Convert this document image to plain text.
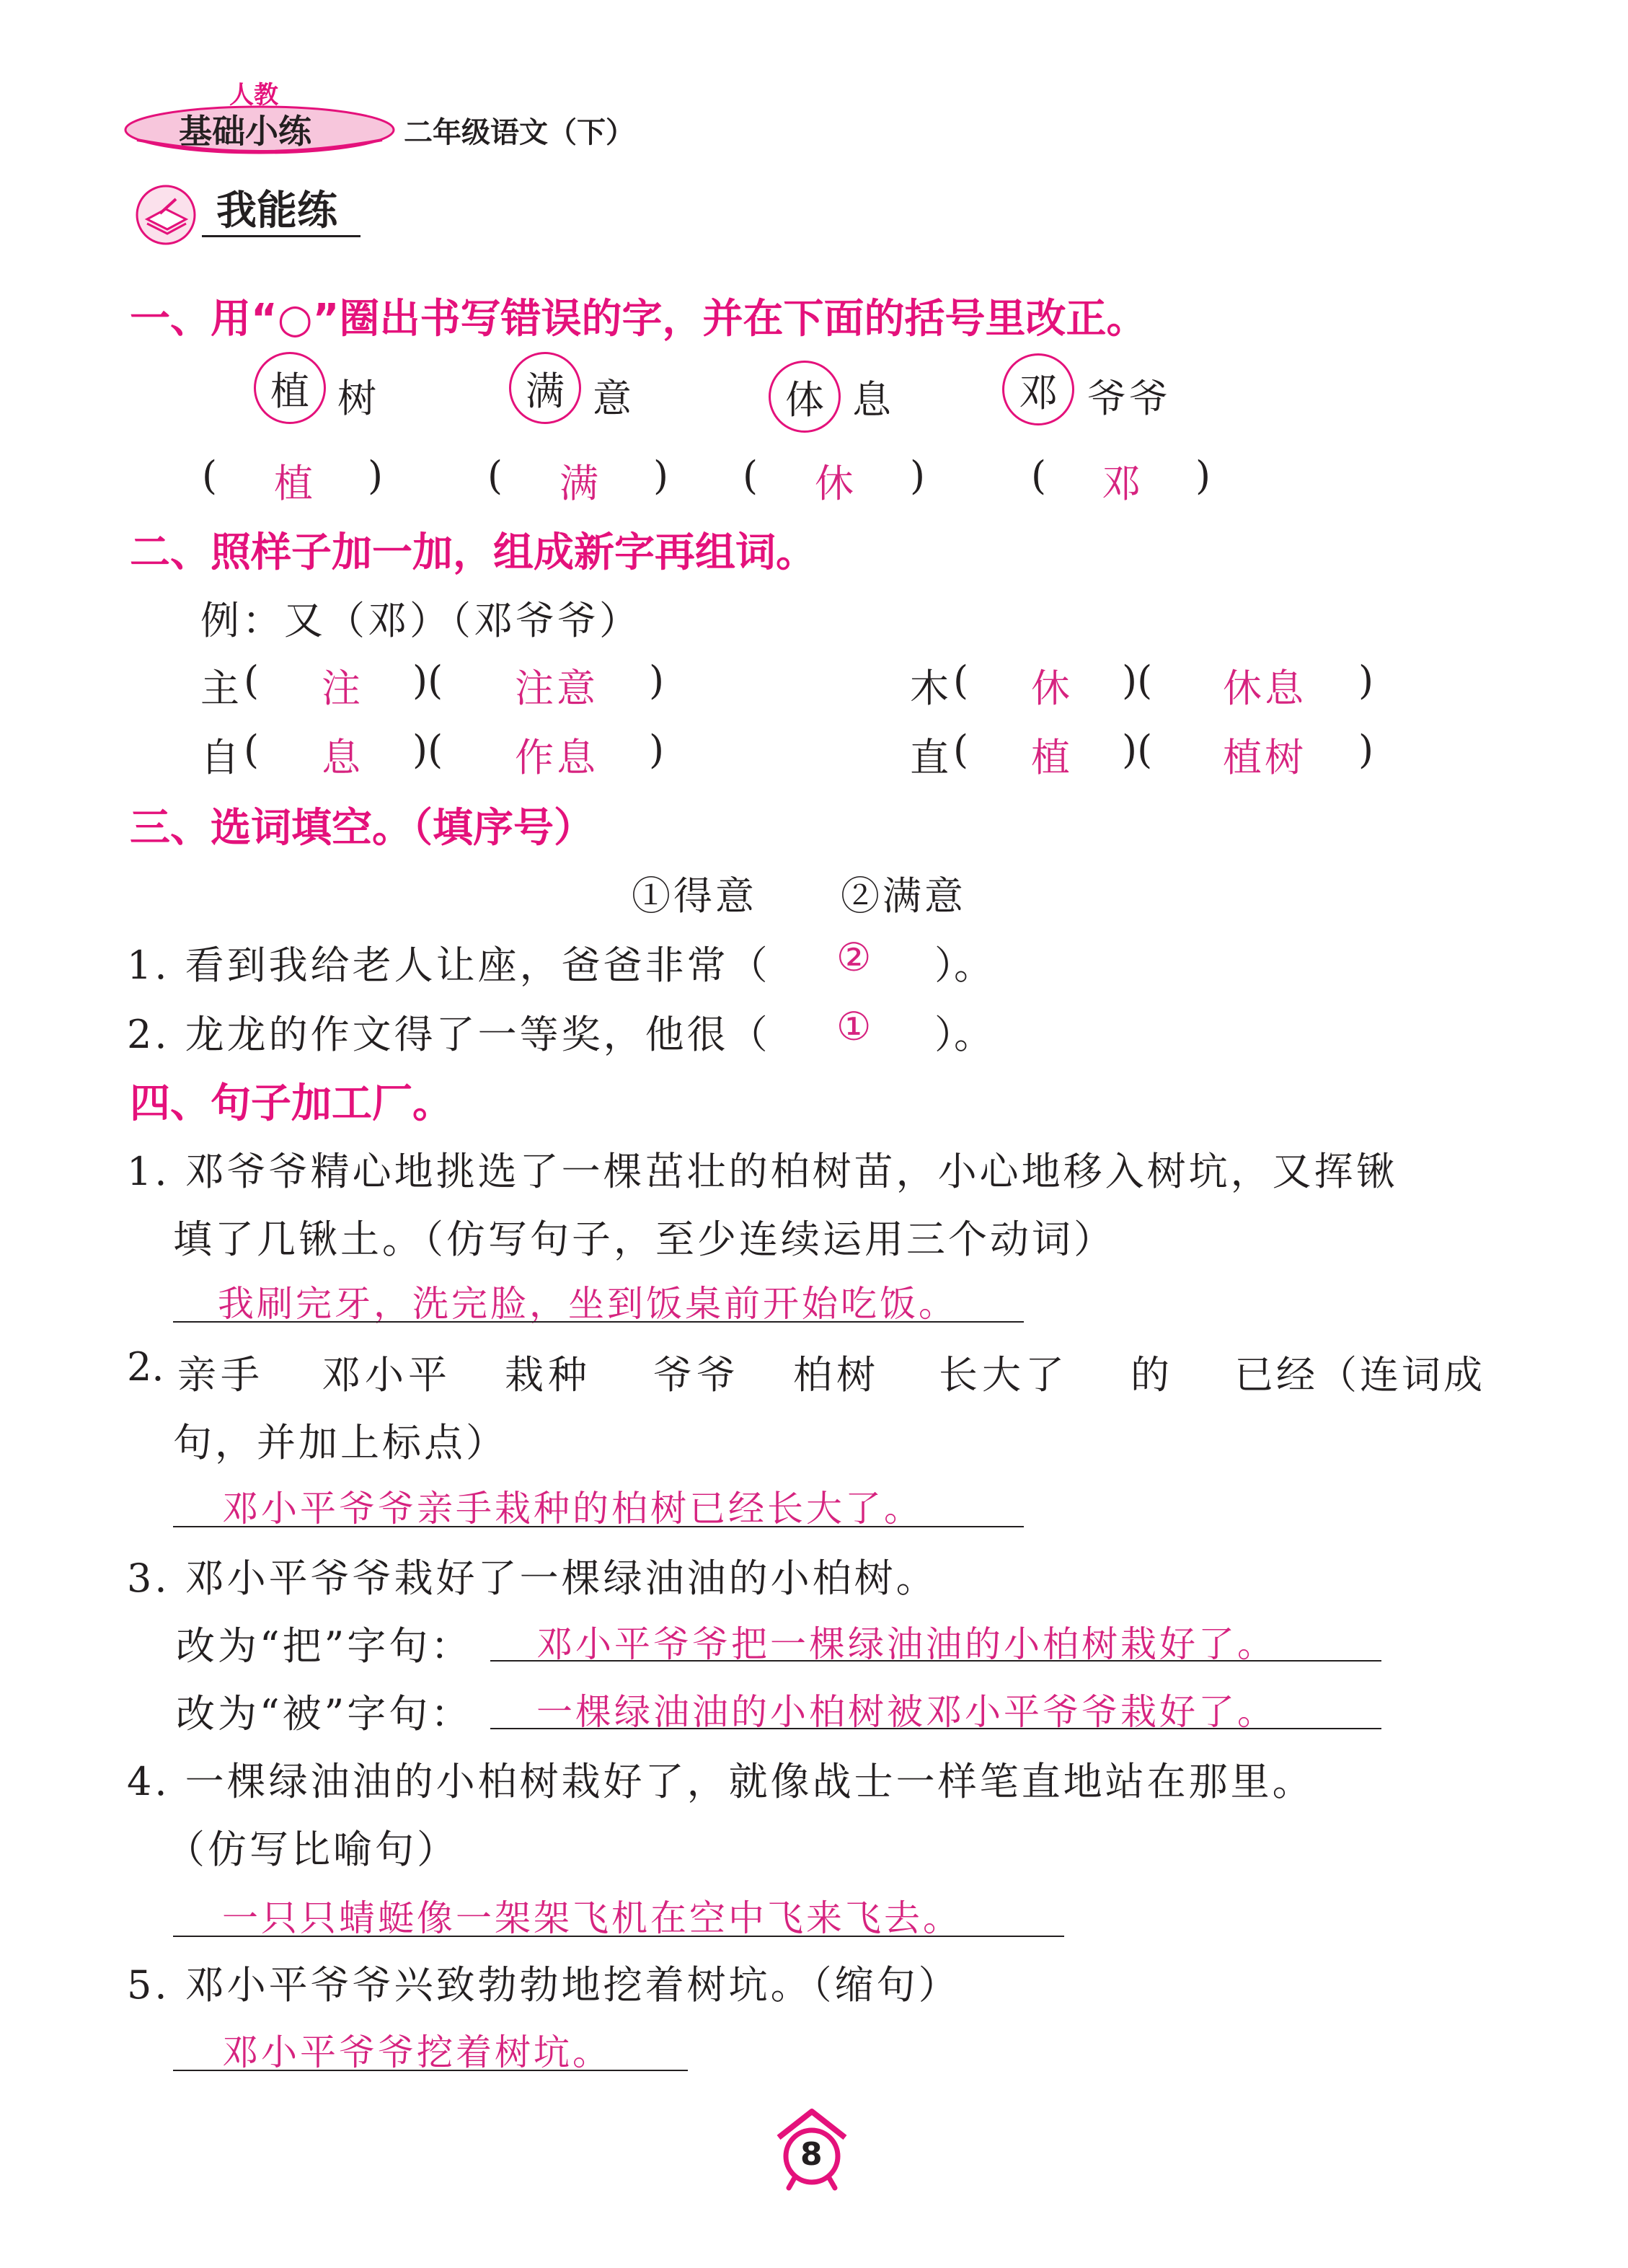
人教
基础小练	二年级语文（下）
我能练
一、用“○”圈出书写错误的字，并在下面的括号里改正。
植 树	满 意	体 息	邓 爷爷
( 植 )	( 满 ) ( 休 )	( 邓 )
二、照样子加一加，组成新字再组词。
例：又（邓）（邓爷爷）
主 ( 注 )( 注意 )	木 ( 休 )( 休息 )
自 ( 息 )( 作息 )	直 ( 植 )( 植树 )
三、选词填空。（填序号）
①得意　　②满意
1. 看到我给老人让座，爸爸非常（ ② ）。
2. 龙龙的作文得了一等奖，他很（ ① ）。
四、句子加工厂。
1. 邓爷爷精心地挑选了一棵茁壮的柏树苗，小心地移入树坑，又挥锹
填了几锹土。（仿写句子，至少连续运用三个动词）
我刷完牙，洗完脸，坐到饭桌前开始吃饭。
2. 亲手 邓小平 栽种 爷爷 柏树 长大了 的 已经（连词成
句，并加上标点）
邓小平爷爷亲手栽种的柏树已经长大了。
3. 邓小平爷爷栽好了一棵绿油油的小柏树。
改为“把”字句： 邓小平爷爷把一棵绿油油的小柏树栽好了。
改为“被”字句： 一棵绿油油的小柏树被邓小平爷爷栽好了。
4. 一棵绿油油的小柏树栽好了，就像战士一样笔直地站在那里。
（仿写比喻句）
一只只蜻蜓像一架架飞机在空中飞来飞去。
5. 邓小平爷爷兴致勃勃地挖着树坑。（缩句）
邓小平爷爷挖着树坑。
8
